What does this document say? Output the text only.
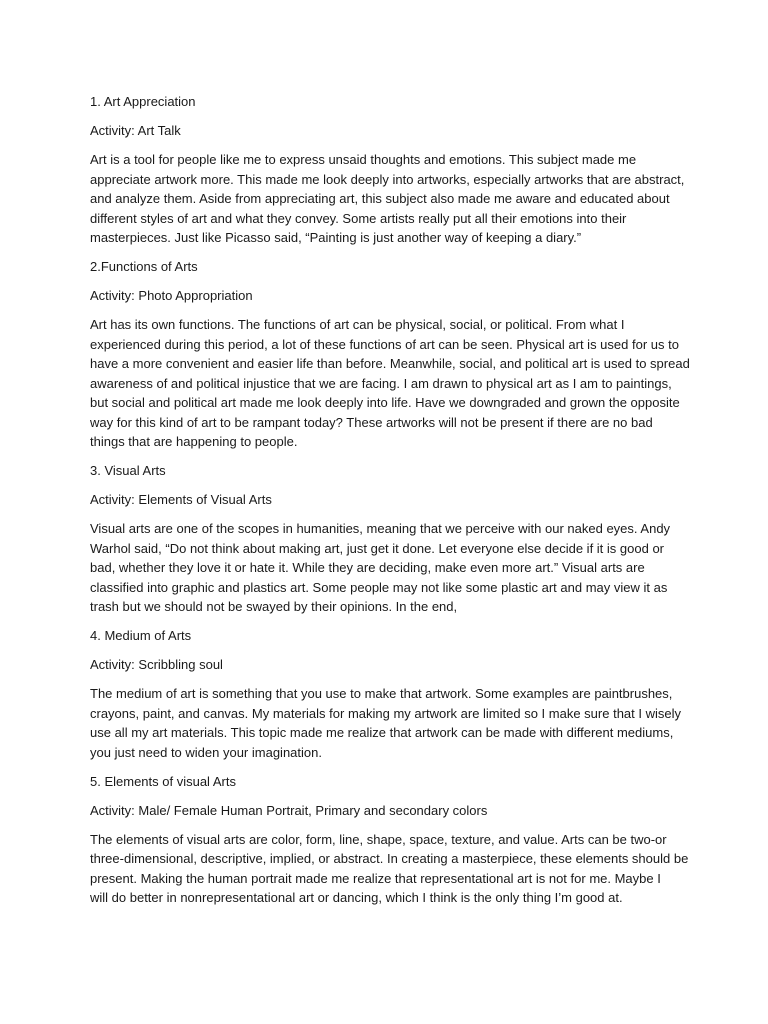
1. Art Appreciation

Activity: Art Talk

Art is a tool for people like me to express unsaid thoughts and emotions. This subject made me
appreciate artwork more. This made me look deeply into artworks, especially artworks that are abstract,
and analyze them. Aside from appreciating art, this subject also made me aware and educated about
different styles of art and what they convey. Some artists really put all their emotions into their
masterpieces. Just like Picasso said, “Painting is just another way of keeping a diary.”

2.Functions of Arts

Activity: Photo Appropriation

Art has its own functions. The functions of art can be physical, social, or political. From what I
experienced during this period, a lot of these functions of art can be seen. Physical art is used for us to
have a more convenient and easier life than before. Meanwhile, social, and political art is used to spread
awareness of and political injustice that we are facing. I am drawn to physical art as I am to paintings,
but social and political art made me look deeply into life. Have we downgraded and grown the opposite
way for this kind of art to be rampant today? These artworks will not be present if there are no bad
things that are happening to people.

3. Visual Arts

Activity: Elements of Visual Arts

Visual arts are one of the scopes in humanities, meaning that we perceive with our naked eyes. Andy
Warhol said, “Do not think about making art, just get it done. Let everyone else decide if it is good or
bad, whether they love it or hate it. While they are deciding, make even more art.” Visual arts are
classified into graphic and plastics art. Some people may not like some plastic art and may view it as
trash but we should not be swayed by their opinions. In the end,

4. Medium of Arts

Activity: Scribbling soul

The medium of art is something that you use to make that artwork. Some examples are paintbrushes,
crayons, paint, and canvas. My materials for making my artwork are limited so I make sure that I wisely
use all my art materials. This topic made me realize that artwork can be made with different mediums,
you just need to widen your imagination.

5. Elements of visual Arts

Activity: Male/ Female Human Portrait, Primary and secondary colors

The elements of visual arts are color, form, line, shape, space, texture, and value. Arts can be two-or
three-dimensional, descriptive, implied, or abstract. In creating a masterpiece, these elements should be
present. Making the human portrait made me realize that representational art is not for me. Maybe I
will do better in nonrepresentational art or dancing, which I think is the only thing I’m good at.
